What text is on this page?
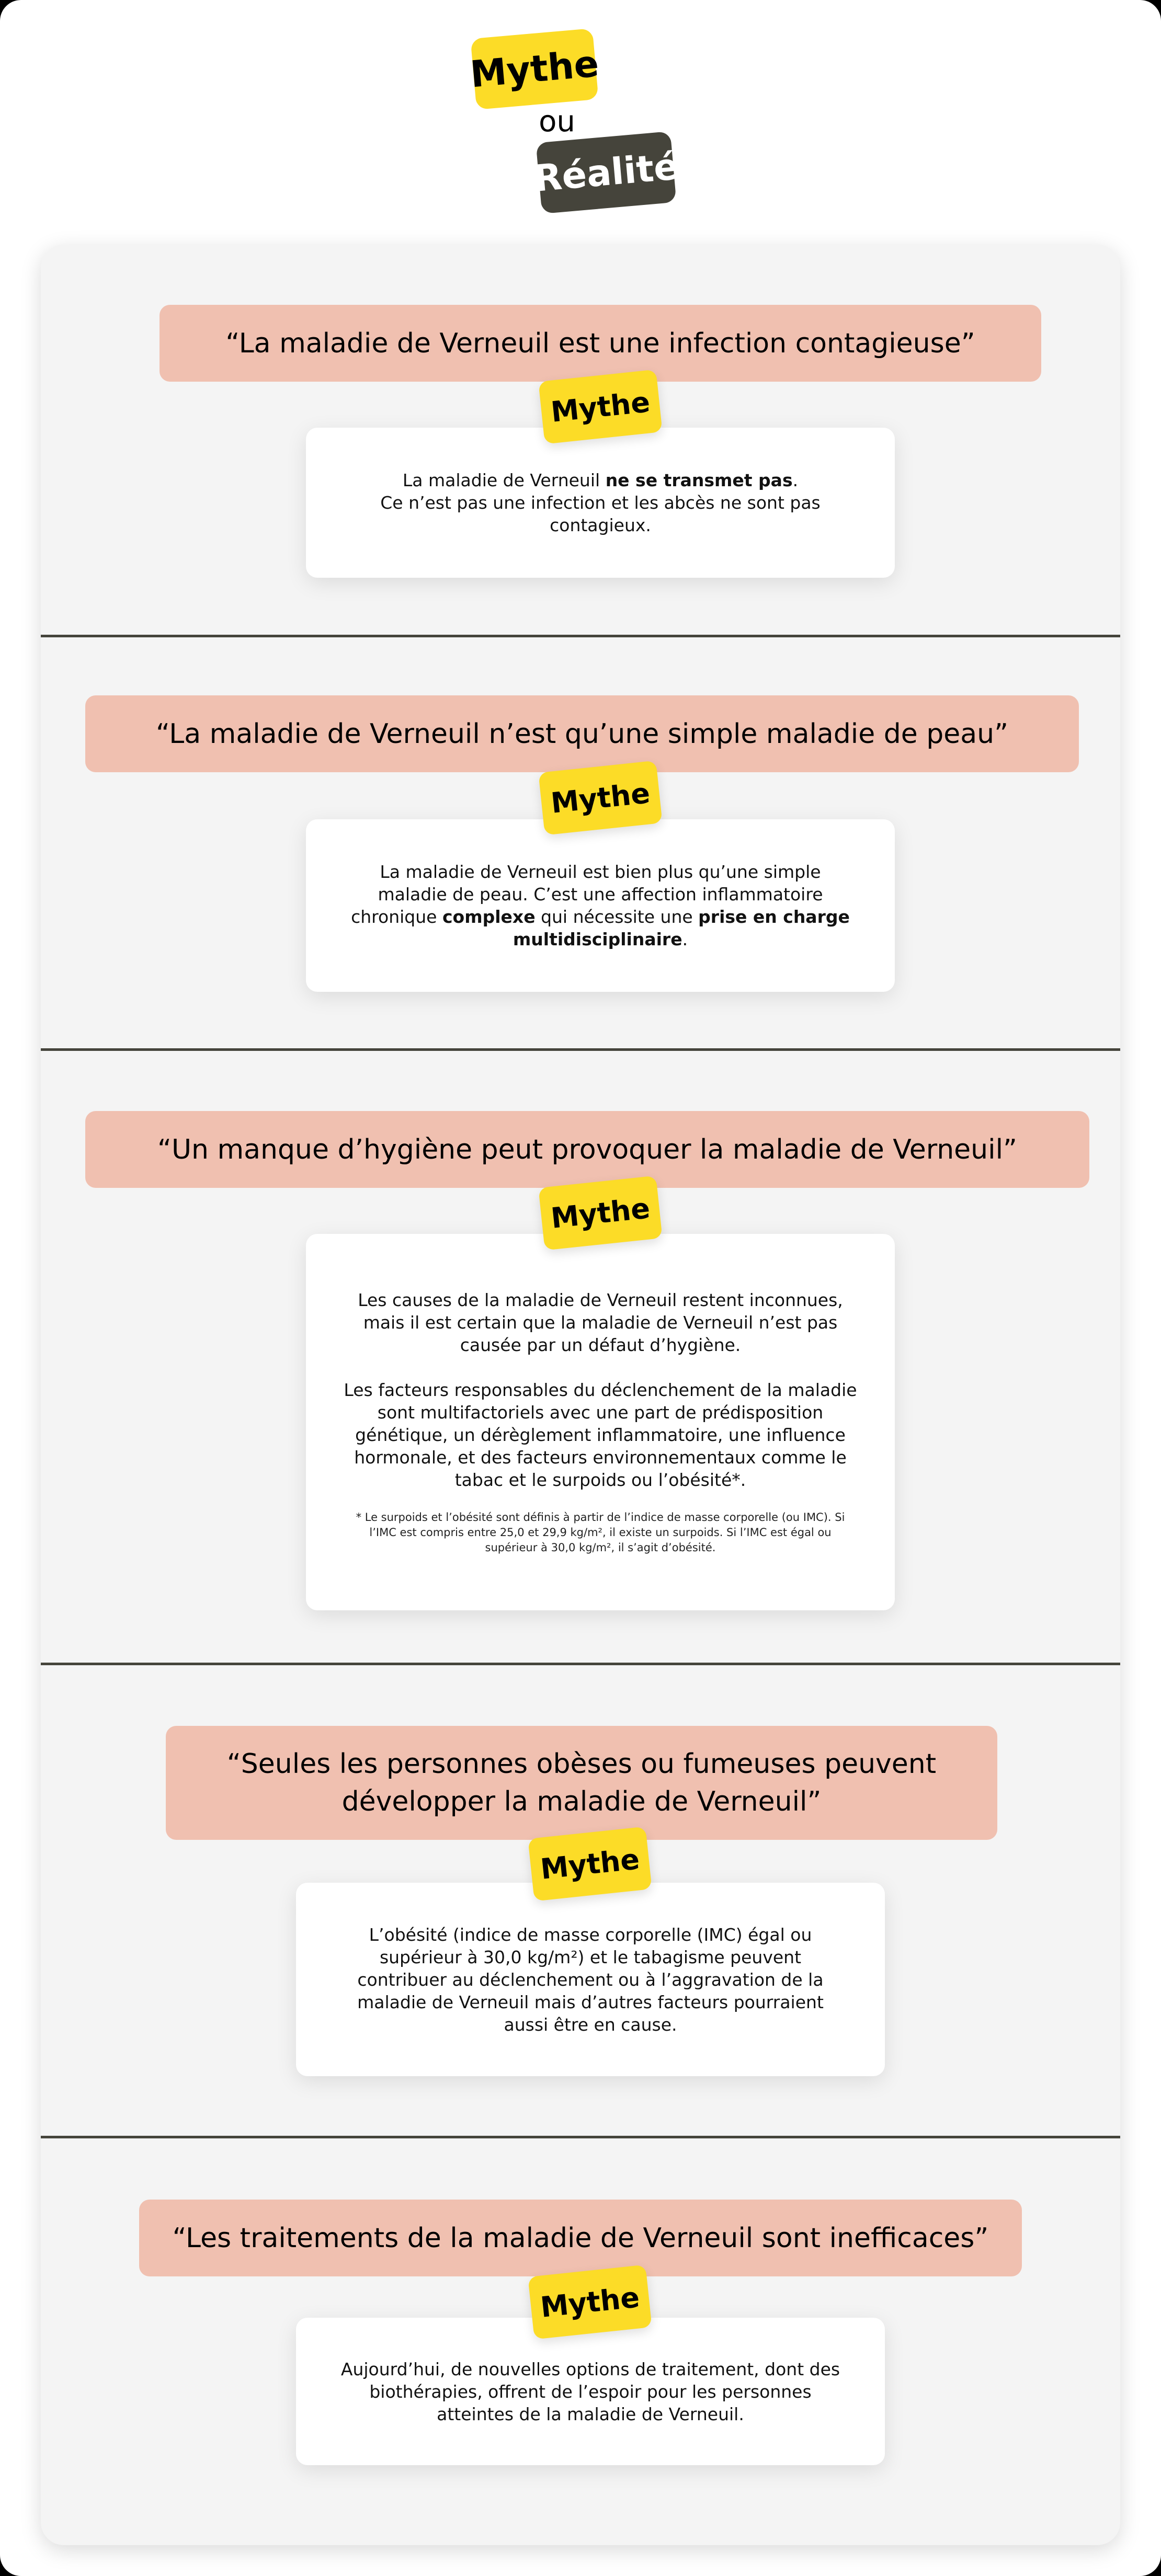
Mythe
ou
Réalité
“La maladie de Verneuil est une infection contagieuse”
Mythe

La maladie de Verneuil ne se transmet pas.

Ce n’est pas une infection et les abcès ne sont pas contagieux.

“La maladie de Verneuil n’est qu’une simple maladie de peau”
Mythe

La maladie de Verneuil est bien plus qu’une simple maladie de peau. C’est une affection inflammatoire chronique complexe qui nécessite une prise en charge multidisciplinaire.

“Un manque d’hygiène peut provoquer la maladie de Verneuil”
Mythe

Les causes de la maladie de Verneuil restent inconnues, mais il est certain que la maladie de Verneuil n’est pas causée par un défaut d’hygiène.

Les facteurs responsables du déclenchement de la maladie sont multifactoriels avec une part de prédisposition génétique, un dérèglement inflammatoire, une influence hormonale, et des facteurs environnementaux comme le tabac et le surpoids ou l’obésité*.

* Le surpoids et l’obésité sont définis à partir de l’indice de masse corporelle (ou IMC). Si l’IMC est compris entre 25,0 et 29,9 kg/m², il existe un surpoids. Si l’IMC est égal ou supérieur à 30,0 kg/m², il s’agit d’obésité.

“Seules les personnes obèses ou fumeuses peuvent développer la maladie de Verneuil”
Mythe

L’obésité (indice de masse corporelle (IMC) égal ou supérieur à 30,0 kg/m²) et le tabagisme peuvent contribuer au déclenchement ou à l’aggravation de la maladie de Verneuil mais d’autres facteurs pourraient aussi être en cause.

“Les traitements de la maladie de Verneuil sont inefficaces”
Mythe

Aujourd’hui, de nouvelles options de traitement, dont des biothérapies, offrent de l’espoir pour les personnes atteintes de la maladie de Verneuil.
